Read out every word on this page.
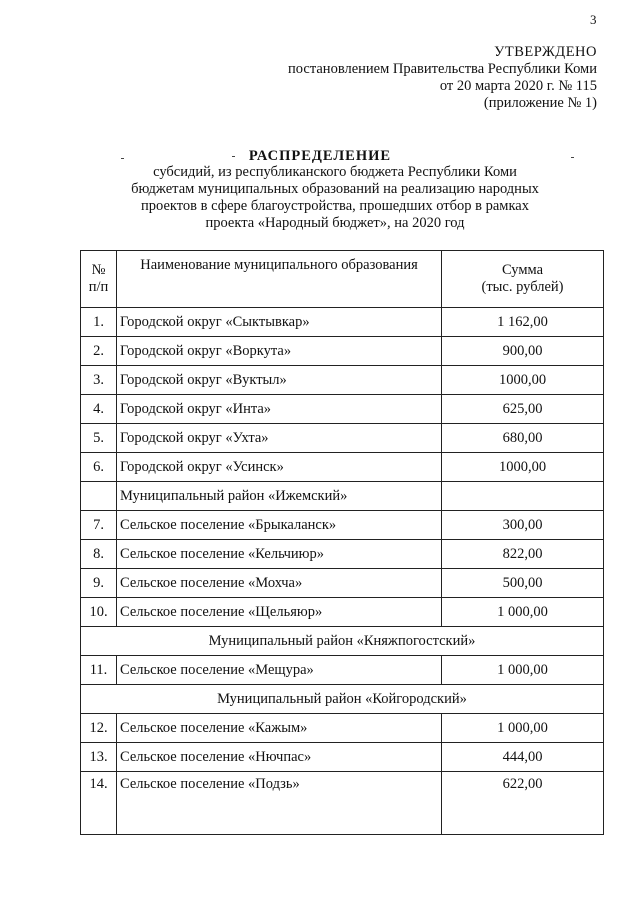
3
УТВЕРЖДЕНО
постановлением Правительства Республики Коми
от 20 марта 2020 г. № 115
(приложение № 1)
РАСПРЕДЕЛЕНИЕ
субсидий, из республиканского бюджета Республики Коми
бюджетам муниципальных образований на реализацию народных
проектов в сфере благоустройства, прошедших отбор в рамках
проекта «Народный бюджет», на 2020 год
№
п/п	Наименование муниципального образования	Сумма
(тыс. рублей)
1.	Городской округ «Сыктывкар»	1 162,00
2.	Городской округ «Воркута»	900,00
3.	Городской округ «Вуктыл»	1000,00
4.	Городской округ «Инта»	625,00
5.	Городской округ «Ухта»	680,00
6.	Городской округ «Усинск»	1000,00
	Муниципальный район «Ижемский»	
7.	Сельское поселение «Брыкаланск»	300,00
8.	Сельское поселение «Кельчиюр»	822,00
9.	Сельское поселение «Мохча»	500,00
10.	Сельское поселение «Щельяюр»	1 000,00
Муниципальный район «Княжпогостский»		
11.	Сельское поселение «Мещура»	1 000,00
Муниципальный район «Койгородский»		
12.	Сельское поселение «Кажым»	1 000,00
13.	Сельское поселение «Нючпас»	444,00
14.	Сельское поселение «Подзь»	622,00
